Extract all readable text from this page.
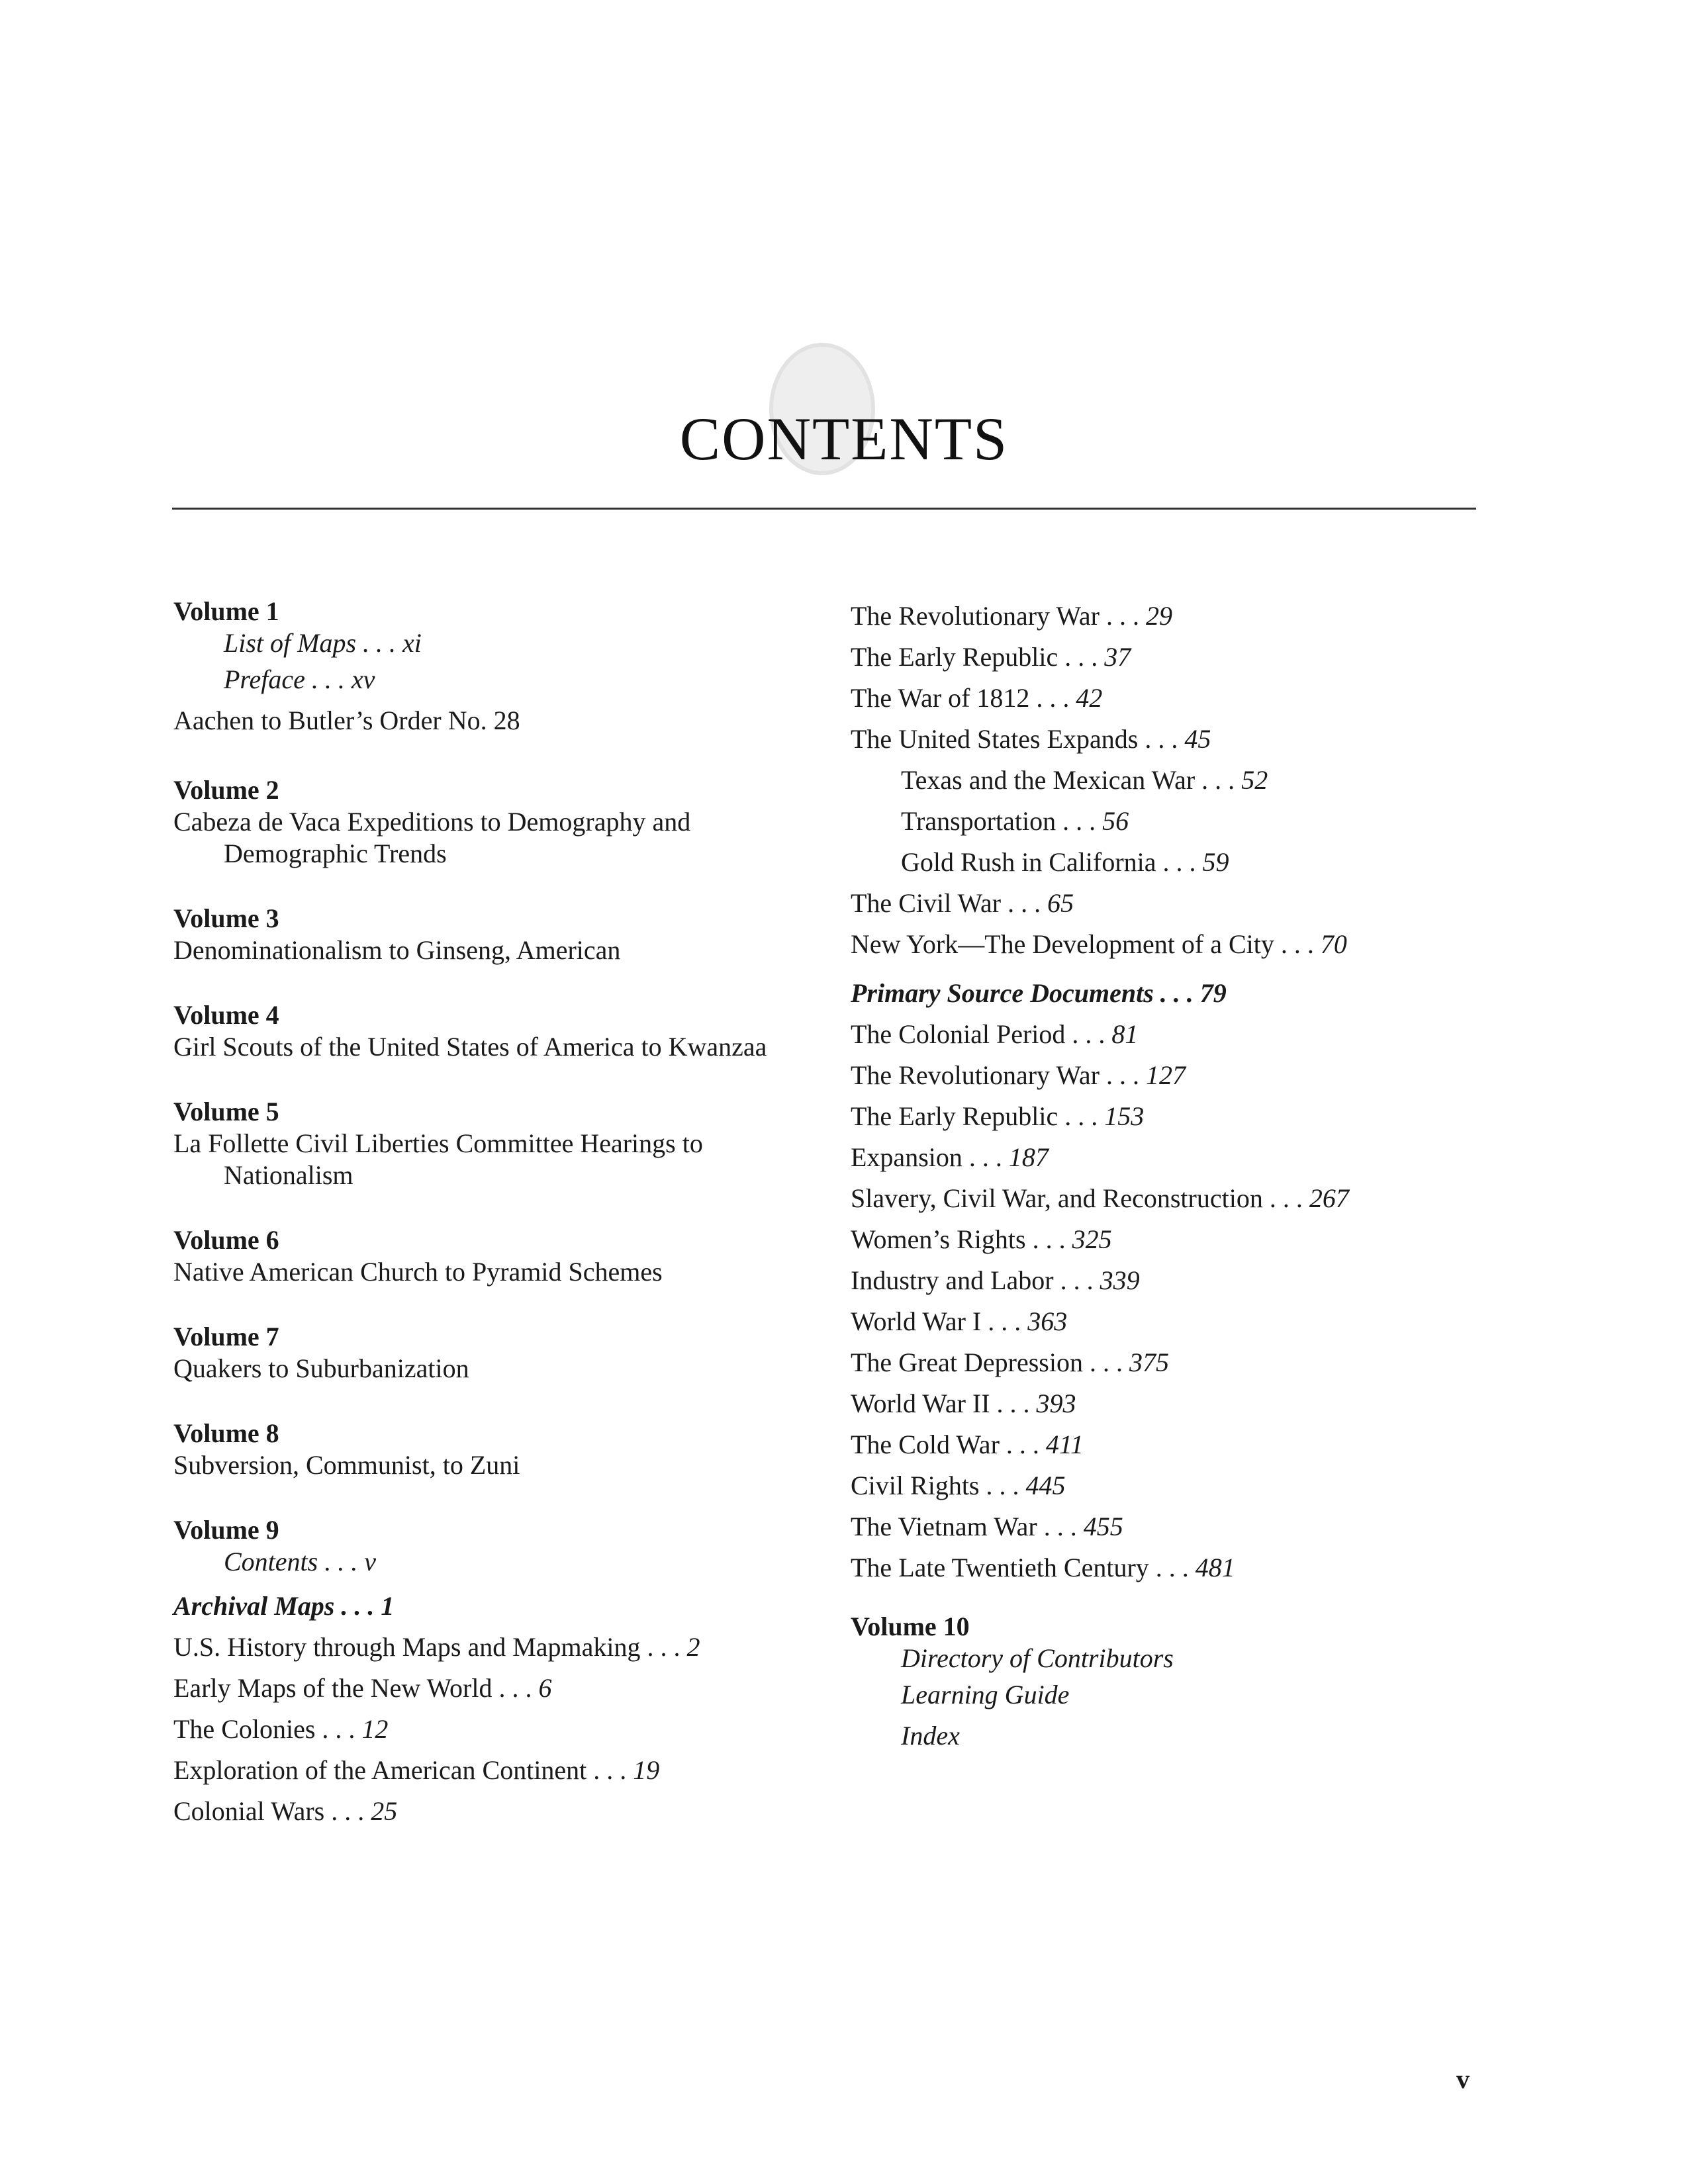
CONTENTS
Volume 1
List of Maps . . . xi
Preface . . . xv
Aachen to Butler’s Order No. 28
Volume 2
Cabeza de Vaca Expeditions to Demography and Demographic Trends
Volume 3
Denominationalism to Ginseng, American
Volume 4
Girl Scouts of the United States of America to Kwanzaa
Volume 5
La Follette Civil Liberties Committee Hearings to Nationalism
Volume 6
Native American Church to Pyramid Schemes
Volume 7
Quakers to Suburbanization
Volume 8
Subversion, Communist, to Zuni
Volume 9
Contents . . . v
Archival Maps . . . 1
U.S. History through Maps and Mapmaking . . . 2
Early Maps of the New World . . . 6
The Colonies . . . 12
Exploration of the American Continent . . . 19
Colonial Wars . . . 25
The Revolutionary War . . . 29
The Early Republic . . . 37
The War of 1812 . . . 42
The United States Expands . . . 45
Texas and the Mexican War . . . 52
Transportation . . . 56
Gold Rush in California . . . 59
The Civil War . . . 65
New York—The Development of a City . . . 70
Primary Source Documents . . . 79
The Colonial Period . . . 81
The Revolutionary War . . . 127
The Early Republic . . . 153
Expansion . . . 187
Slavery, Civil War, and Reconstruction . . . 267
Women’s Rights . . . 325
Industry and Labor . . . 339
World War I . . . 363
The Great Depression . . . 375
World War II . . . 393
The Cold War . . . 411
Civil Rights . . . 445
The Vietnam War . . . 455
The Late Twentieth Century . . . 481
Volume 10
Directory of Contributors
Learning Guide
Index
v
